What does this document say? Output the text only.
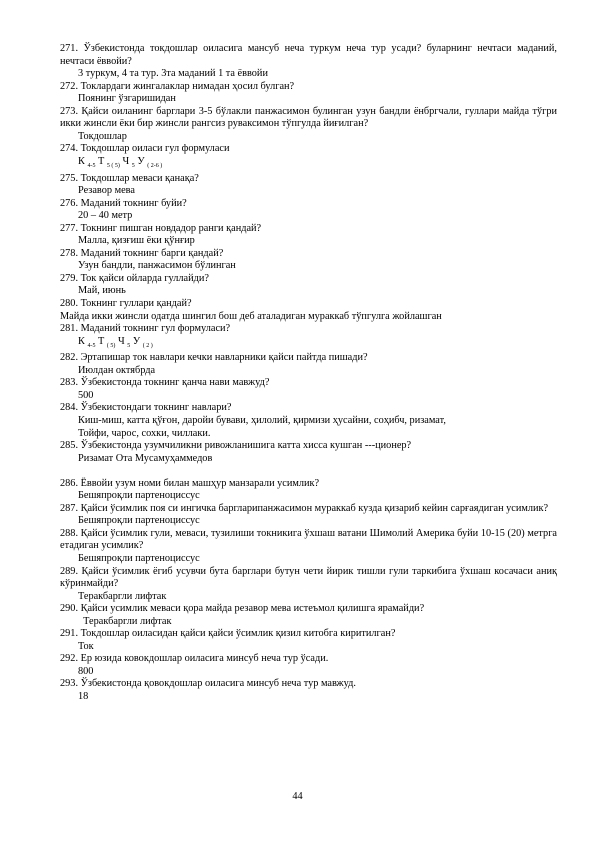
271. Ўзбекистонда токдошлар оиласига мансуб неча туркум неча тур усади? буларнинг нечтаси маданий, нечтаси ёввойи?
3 туркум, 4 та тур. 3та маданий 1 та ёввойи
272. Токлардаги жингалаклар нимадан ҳосил булган?
Поянинг ўзгаришидан
273. Қайси оиланинг барглари 3-5 бўлакли панжасимон булинган узун бандли ёнбргчали, гуллари майда тўгри икки жинсли ёки бир жинсли рангсиз руваксимон тўпгулда йиғилган?
Токдошлар
274. Токдошлар оиласи гул формуласи
К $_{4-5}$ Т $_{5 ( 5)}$ Ч $_5$ У $_{( 2-6 )}$
275. Токдошлар меваси қанақа?
Резавор мева
276. Маданий токнинг буйи?
20 – 40 метр
277. Токнинг пишган новдадор ранги қандай?
Малла, қизғиш ёки қўнғир
278. Маданий токнинг барги қандай?
Узун бандли, панжасимон бўлинган
279. Ток қайси ойларда гуллайди?
Май, июнь
280. Токнинг гуллари қандай?
Майда икки жинсли одатда шингил бош деб аталадиган мураккаб тўпгулга жойлашган
281. Маданий токнинг гул формуласи?
К $_{4-5}$ Т $_{( 5)}$ Ч $_5$ У $_{( 2 )}$
282. Эртапишар ток навлари кечки навларники қайси пайтда пишади?
Июлдан октябрда
283. Ўзбекистонда токнинг қанча нави мавжуд?
500
284. Ўзбекистондаги токнинг навлари?
Киш-миш, катта қўғон, даройи бувави, ҳилолий, қирмизи ҳусайни, соҳибч, ризамат,
Тойфи, чарос, сохки, чиллаки.
285. Ўзбекистонда узумчиликни ривожланишига катта хисса кушган ---ционер?
Ризамат Ота Мусамуҳаммедов
286. Ёввойи узум номи билан машҳур манзарали усимлик?
Бешяпроқли партеноциссус
287. Қайси ўсимлик поя си ингичка баргларипанжасимон мураккаб кузда қизариб кейин сарғаядиган усимлик?
Бешяпроқли партеноциссус
288. Қайси ўсимлик гули, меваси, тузилиши токникига ўхшаш ватани Шимолий Америка буйи 10-15 (20) метрга етадиган усимлик?
Бешяпроқли партеноциссус
289. Қайси ўсимлик ёгиб усувчи бута барглари бутун чети йирик тишли гули таркибига ўхшаш косачаси аниқ кўринмайди?
Теракбаргли лифтак
290. Қайси усимлик меваси қора майда резавор мева истеъмол қилишга ярамайди?
Теракбаргли лифтак
291. Токдошлар оиласидан қайси қайси ўсимлик қизил китобга киритилган?
Ток
292. Ер юзида ковокдошлар оиласига минсуб неча тур ўсади.
800
293. Ўзбекистонда қовокдошлар оиласига минсуб неча тур мавжуд.
18
44
